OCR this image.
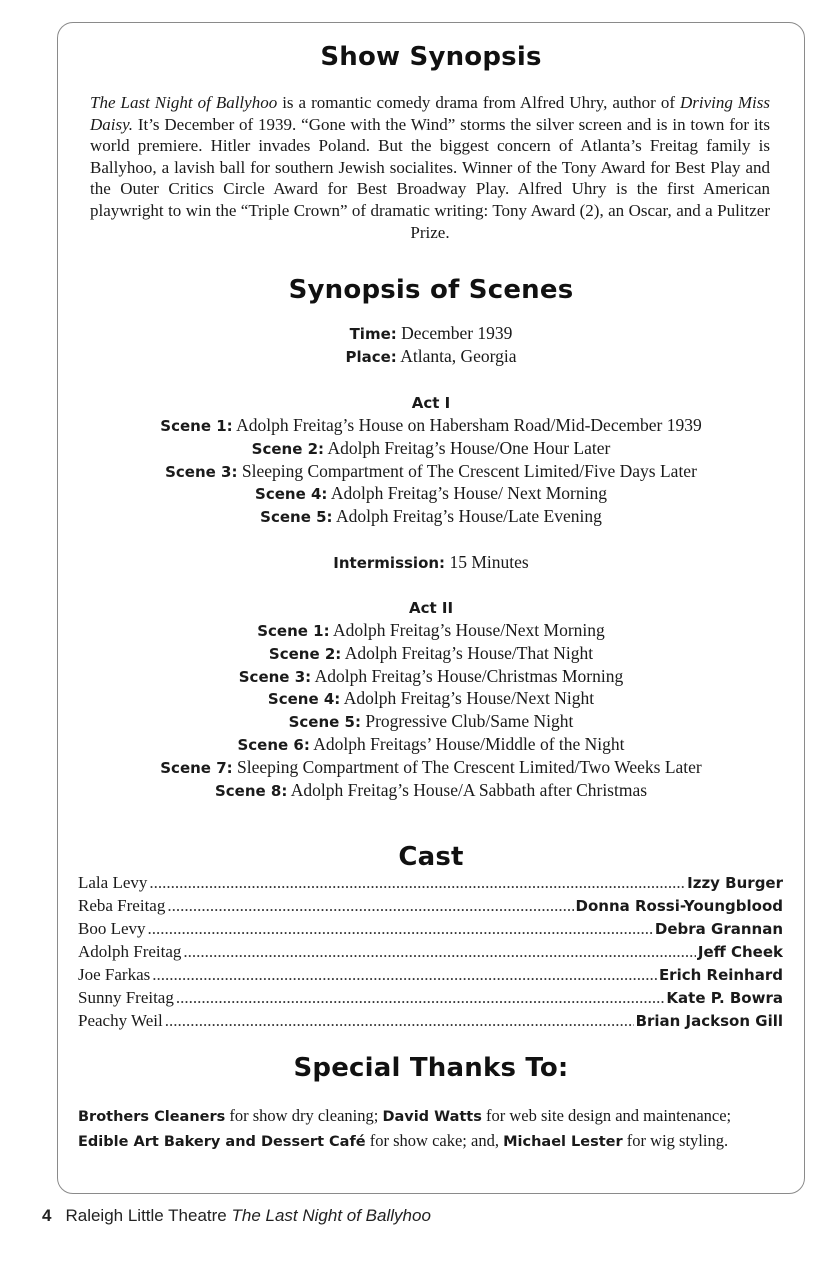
Show Synopsis

The Last Night of Ballyhoo is a romantic comedy drama from Alfred Uhry, author of Driving Miss Daisy. It’s December of 1939. “Gone with the Wind” storms the silver screen and is in town for its world premiere. Hitler invades Poland. But the biggest concern of Atlanta’s Freitag family is Ballyhoo, a lavish ball for southern Jewish socialites. Winner of the Tony Award for Best Play and the Outer Critics Circle Award for Best Broadway Play. Alfred Uhry is the first American playwright to win the “Triple Crown” of dramatic writing: Tony Award (2), an Oscar, and a Pulitzer Prize.

Synopsis of Scenes
Time: December 1939
Place: Atlanta, Georgia
Act I
Scene 1: Adolph Freitag’s House on Habersham Road/Mid-December 1939
Scene 2: Adolph Freitag’s House/One Hour Later
Scene 3: Sleeping Compartment of The Crescent Limited/Five Days Later
Scene 4: Adolph Freitag’s House/ Next Morning
Scene 5: Adolph Freitag’s House/Late Evening
Intermission: 15 Minutes
Act II
Scene 1: Adolph Freitag’s House/Next Morning
Scene 2: Adolph Freitag’s House/That Night
Scene 3: Adolph Freitag’s House/Christmas Morning
Scene 4: Adolph Freitag’s House/Next Night
Scene 5: Progressive Club/Same Night
Scene 6: Adolph Freitags’ House/Middle of the Night
Scene 7: Sleeping Compartment of The Crescent Limited/Two Weeks Later
Scene 8: Adolph Freitag’s House/A Sabbath after Christmas
Cast
Lala Levy .....	Izzy Burger
Reba Freitag .....	Donna Rossi-Youngblood
Boo Levy .....	Debra Grannan
Adolph Freitag .....	Jeff Cheek
Joe Farkas .....	Erich Reinhard
Sunny Freitag .....	Kate P. Bowra
Peachy Weil .....	Brian Jackson Gill
Special Thanks To:

Brothers Cleaners for show dry cleaning; David Watts for web site design and maintenance;
Edible Art Bakery and Dessert Café for show cake; and, Michael Lester for wig styling.

4 Raleigh Little Theatre The Last Night of Ballyhoo
